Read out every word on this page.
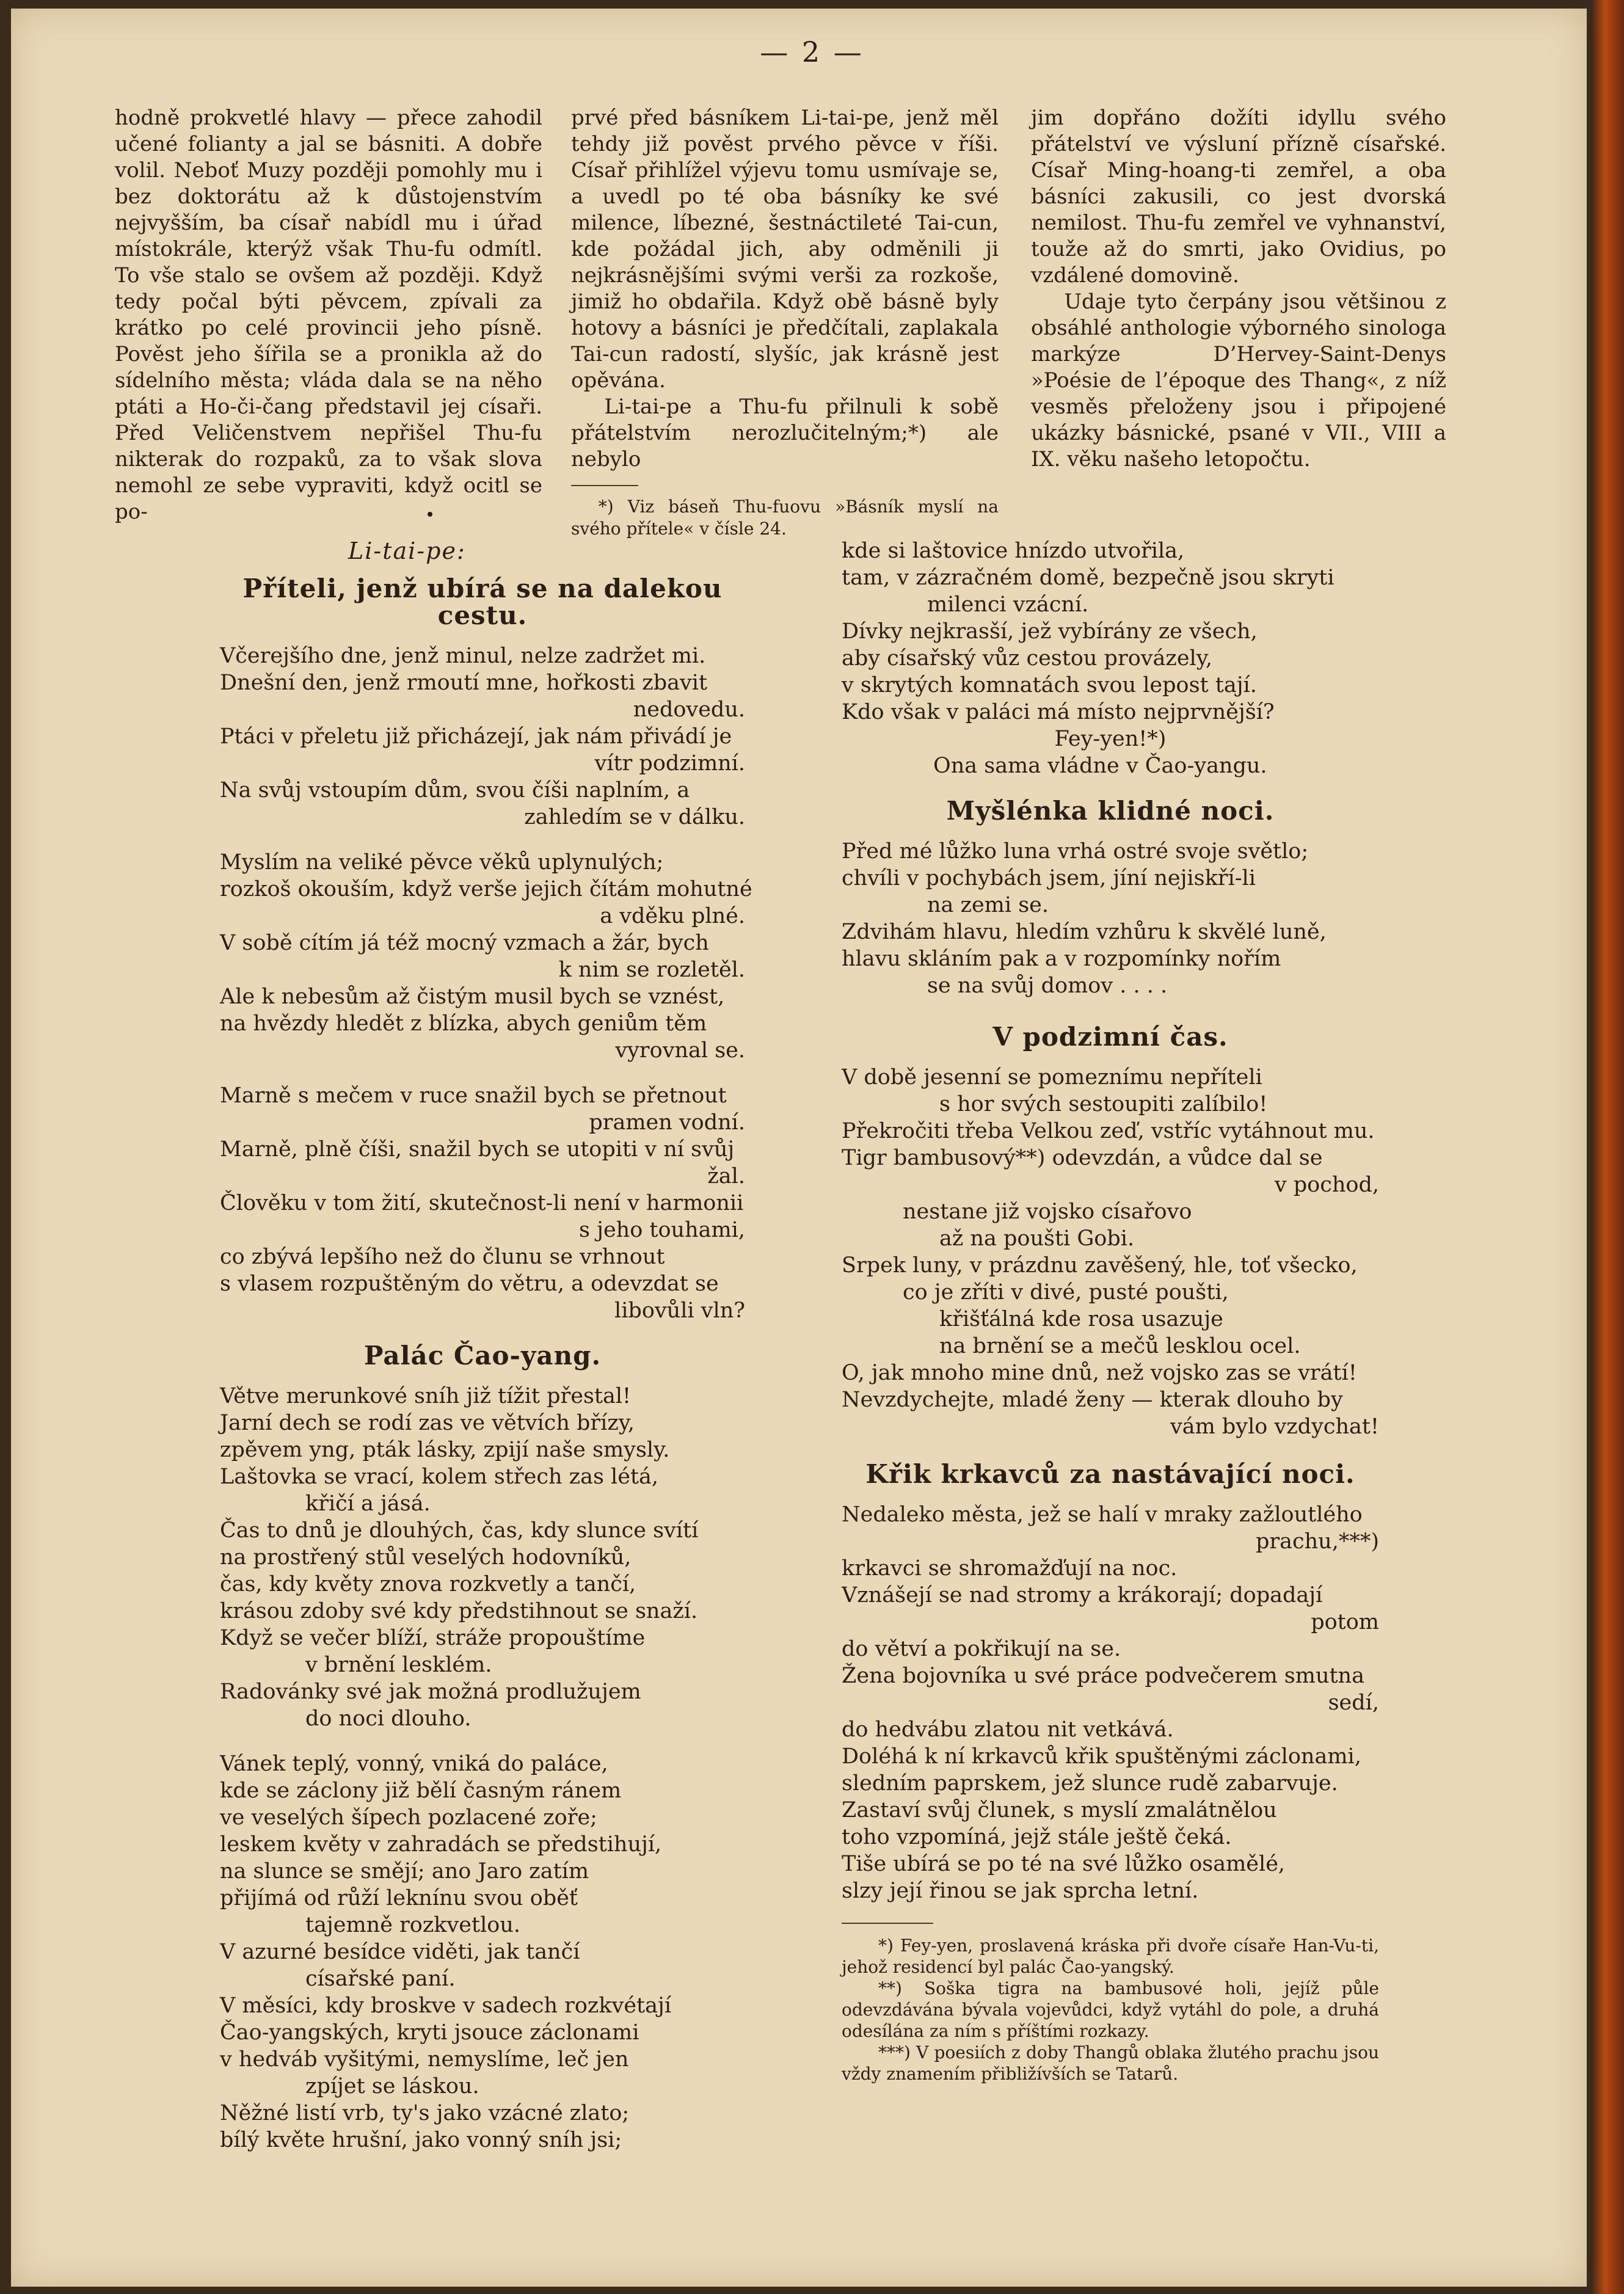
— 2 —

hodně prokvetlé hlavy — přece zahodil učené folianty a jal se básniti. A dobře volil. Neboť Muzy později pomohly mu i bez doktorátu až k důstojenstvím nejvyšším, ba císař nabídl mu i úřad místokrále, kterýž však Thu-fu odmítl. To vše stalo se ovšem až později. Když tedy počal býti pěvcem, zpívali za krátko po celé provincii jeho písně. Pověst jeho šířila se a pronikla až do sídelního města; vláda dala se na něho ptáti a Ho-či-čang představil jej císaři. Před Veličenstvem nepřišel Thu-fu nikterak do rozpaků, za to však slova nemohl ze sebe vypraviti, když ocitl se po-

prvé před básníkem Li-tai-pe, jenž měl tehdy již pověst prvého pěvce v říši. Císař přihlížel výjevu tomu usmívaje se, a uvedl po té oba básníky ke své milence, líbezné, šestnáctileté Tai-cun, kde požádal jich, aby odměnili ji nejkrásnějšími svými verši za rozkoše, jimiž ho obdařila. Když obě básně byly hotovy a básníci je předčítali, zaplakala Tai-cun radostí, slyšíc, jak krásně jest opěvána.

Li-tai-pe a Thu-fu přilnuli k sobě přátelstvím nerozlučitelným;*) ale nebylo

*) Viz báseň Thu-fuovu »Básník myslí na svého přítele« v čísle 24.

jim dopřáno dožíti idyllu svého přátelství ve výsluní přízně císařské. Císař Ming-hoang-ti zemřel, a oba básníci zakusili, co jest dvorská nemilost. Thu-fu zemřel ve vyhnanství, touže až do smrti, jako Ovidius, po vzdálené domovině.

Udaje tyto čerpány jsou většinou z obsáhlé anthologie výborného sinologa markýze D’Hervey-Saint-Denys »Poésie de l’époque des Thang«, z níž vesměs přeloženy jsou i připojené ukázky básnické, psané v VII., VIII a IX. věku našeho letopočtu.

Li-tai-pe:
Příteli, jenž ubírá se na dalekou cestu.
Včerejšího dne, jenž minul, nelze zadržet mi.
Dnešní den, jenž rmoutí mne, hořkosti zbavit
nedovedu.
Ptáci v přeletu již přicházejí, jak nám přivádí je
vítr podzimní.
Na svůj vstoupím dům, svou číši naplním, a
zahledím se v dálku.
Myslím na veliké pěvce věků uplynulých;
rozkoš okouším, když verše jejich čítám mohutné
a vděku plné.
V sobě cítím já též mocný vzmach a žár, bych
k nim se rozletěl.
Ale k nebesům až čistým musil bych se vznést,
na hvězdy hledět z blízka, abych geniům těm
vyrovnal se.
Marně s mečem v ruce snažil bych se přetnout
pramen vodní.
Marně, plně číši, snažil bych se utopiti v ní svůj
žal.
Člověku v tom žití, skutečnost-li není v harmonii
s jeho touhami,
co zbývá lepšího než do člunu se vrhnout
s vlasem rozpuštěným do větru, a odevzdat se
libovůli vln?
Palác Čao-yang.
Větve merunkové sníh již tížit přestal!
Jarní dech se rodí zas ve větvích břízy,
zpěvem yng, pták lásky, zpijí naše smysly.
Laštovka se vrací, kolem střech zas létá,
křičí a jásá.
Čas to dnů je dlouhých, čas, kdy slunce svítí
na prostřený stůl veselých hodovníků,
čas, kdy květy znova rozkvetly a tančí,
krásou zdoby své kdy předstihnout se snaží.
Když se večer blíží, stráže propouštíme
v brnění lesklém.
Radovánky své jak možná prodlužujem
do noci dlouho.
Vánek teplý, vonný, vniká do paláce,
kde se záclony již bělí časným ránem
ve veselých šípech pozlacené zoře;
leskem květy v zahradách se předstihují,
na slunce se smějí; ano Jaro zatím
přijímá od růží leknínu svou oběť
tajemně rozkvetlou.
V azurné besídce viděti, jak tančí
císařské paní.
V měsíci, kdy broskve v sadech rozkvétají
Čao-yangských, kryti jsouce záclonami
v hedváb vyšitými, nemyslíme, leč jen
zpíjet se láskou.
Něžné listí vrb, ty's jako vzácné zlato;
bílý květe hrušní, jako vonný sníh jsi;
kde si laštovice hnízdo utvořila,
tam, v zázračném domě, bezpečně jsou skryti
milenci vzácní.
Dívky nejkrasší, jež vybírány ze všech,
aby císařský vůz cestou provázely,
v skrytých komnatách svou lepost tají.
Kdo však v paláci má místo nejprvnější?
Fey-yen!*)
Ona sama vládne v Čao-yangu.
Myšlénka klidné noci.
Před mé lůžko luna vrhá ostré svoje světlo;
chvíli v pochybách jsem, jíní nejiskří-li
na zemi se.
Zdvihám hlavu, hledím vzhůru k skvělé luně,
hlavu skláním pak a v rozpomínky nořím
se na svůj domov . . . .
V podzimní čas.
V době jesenní se pomeznímu nepříteli
s hor svých sestoupiti zalíbilo!
Překročiti třeba Velkou zeď, vstříc vytáhnout mu.
Tigr bambusový**) odevzdán, a vůdce dal se
v pochod,
nestane již vojsko císařovo
až na poušti Gobi.
Srpek luny, v prázdnu zavěšený, hle, toť všecko,
co je zříti v divé, pusté poušti,
křišťálná kde rosa usazuje
na brnění se a mečů lesklou ocel.
O, jak mnoho mine dnů, než vojsko zas se vrátí!
Nevzdychejte, mladé ženy — kterak dlouho by
vám bylo vzdychat!
Křik krkavců za nastávající noci.
Nedaleko města, jež se halí v mraky zažloutlého
prachu,***)
krkavci se shromažďují na noc.
Vznášejí se nad stromy a krákorají; dopadají
potom
do větví a pokřikují na se.
Žena bojovníka u své práce podvečerem smutna
sedí,
do hedvábu zlatou nit vetkává.
Doléhá k ní krkavců křik spuštěnými záclonami,
sledním paprskem, jež slunce rudě zabarvuje.
Zastaví svůj člunek, s myslí zmalátnělou
toho vzpomíná, jejž stále ještě čeká.
Tiše ubírá se po té na své lůžko osamělé,
slzy její řinou se jak sprcha letní.

*) Fey-yen, proslavená kráska při dvoře císaře Han-Vu-ti, jehož residencí byl palác Čao-yangský.

**) Soška tigra na bambusové holi, jejíž půle odevzdávána bývala vojevůdci, když vytáhl do pole, a druhá odesílána za ním s příštími rozkazy.

***) V poesiích z doby Thangů oblaka žlutého prachu jsou vždy znamením přibližívších se Tatarů.
